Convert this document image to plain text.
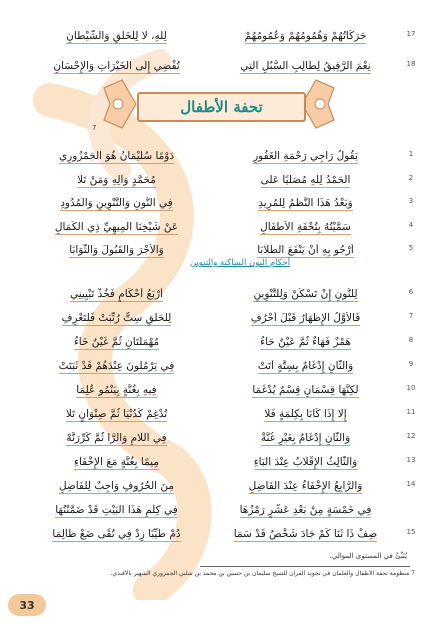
17
حَرَكَاتُهُمْ وَهُمُومُهُمْ وَعُمُومُهُمْ
لِلَّهِ، لَا لِلْخَلْقِ وَالشَّيْطَانِ
18
نِعْمَ الرَّفِيقُ لِطَالِبِ السُّبُلِ الَّتِي
تُفْضِي إِلَى الْخَيْرَاتِ وَالْإِحْسَانِ
تحفة الأطفال
7
1
يَقُولُ رَاجِي رَحْمَةِ الْغَفُورِ
دَوْمًا سُلَيْمَانُ هُوَ الْجَمْزُورِي
2
الْحَمْدُ لِلَّهِ مُصَلِّيًا عَلَى
مُحَمَّدٍ وَآلِهِ وَمَنْ تَلَا
3
وَبَعْدُ هَذَا النَّظْمُ لِلْمُرِيدِ
فِي النُّونِ وَالتَّنْوِينِ وَالْمُدُودِ
4
سَمَّيْتُهُ بِتُحْفَةِ الْأَطْفَالِ
عَنْ شَيْخِنَا الْمِيهِيِّ ذِي الْكَمَالِ
5
أَرْجُو بِهِ أَنْ يَنْفَعَ الطُّلَّابَا
وَالْأَجْرَ وَالْقَبُولَ وَالثَّوَابَا
أحكام النون الساكنة والتنوين
6
لِلنُّونِ إِنْ تَسْكُنْ وَلِلتَّنْوِينِ
أَرْبَعُ أَحْكَامٍ فَخُذْ تَبْيِينِي
7
فَالْأَوَّلُ الْإِظْهَارُ قَبْلَ أَحْرُفِ
لِلْحَلْقِ سِتٌّ رُتِّبَتْ فَلْتَعْرِفِ
8
هَمْزٌ فَهَاءٌ ثُمَّ عَيْنٌ حَاءُ
مُهْمَلَتَانِ ثُمَّ غَيْنٌ خَاءُ
9
وَالثَّانِ إِدْغَامٌ بِسِتَّةٍ أَتَتْ
فِي يَرْمُلُونَ عِنْدَهُمْ قَدْ ثَبَتَتْ
10
لَكِنَّهَا قِسْمَانِ قِسْمٌ يُدْغَمَا
فِيهِ بِغُنَّةٍ بِيَنْمُو عُلِمَا
11
إِلَّا إِذَا كَانَا بِكِلْمَةٍ فَلَا
تُدْغِمْ كَدُنْيَا ثُمَّ صِنْوَانٍ تَلَا
12
وَالثَّانِ إِدْغَامٌ بِغَيْرِ غُنَّةْ
فِي اللَّامِ وَالرَّا ثُمَّ كَرِّرَنَّهْ
13
وَالثَّالِثُ الْإِقْلَابُ عِنْدَ الْبَاءِ
مِيمًا بِغُنَّةٍ مَعَ الْإِخْفَاءِ
14
وَالرَّابِعُ الْإِخْفَاءُ عِنْدَ الْفَاضِلِ
مِنَ الْحُرُوفِ وَاجِبٌ لِلْفَاضِلِ
فِي خَمْسَةٍ مِنْ بَعْدِ عَشْرٍ رَمْزُهَا
فِي كِلْمِ هَذَا الْبَيْتِ قَدْ ضَمَّنْتُهَا
15
صِفْ ذَا ثَنَا كَمْ جَادَ شَخْصٌ قَدْ سَمَا
دُمْ طَيِّبًا زِدْ فِي تُقًى ضَعْ ظَالِمَا
يُنَبِّئُ في المستوى الموالي.
7 منظومة تحفة الأطفال والغلمان في تجويد القرآن للشيخ سليمان بن حسين بن محمد بن شلبي الجمزوري الشهير بالأفندي.
33
